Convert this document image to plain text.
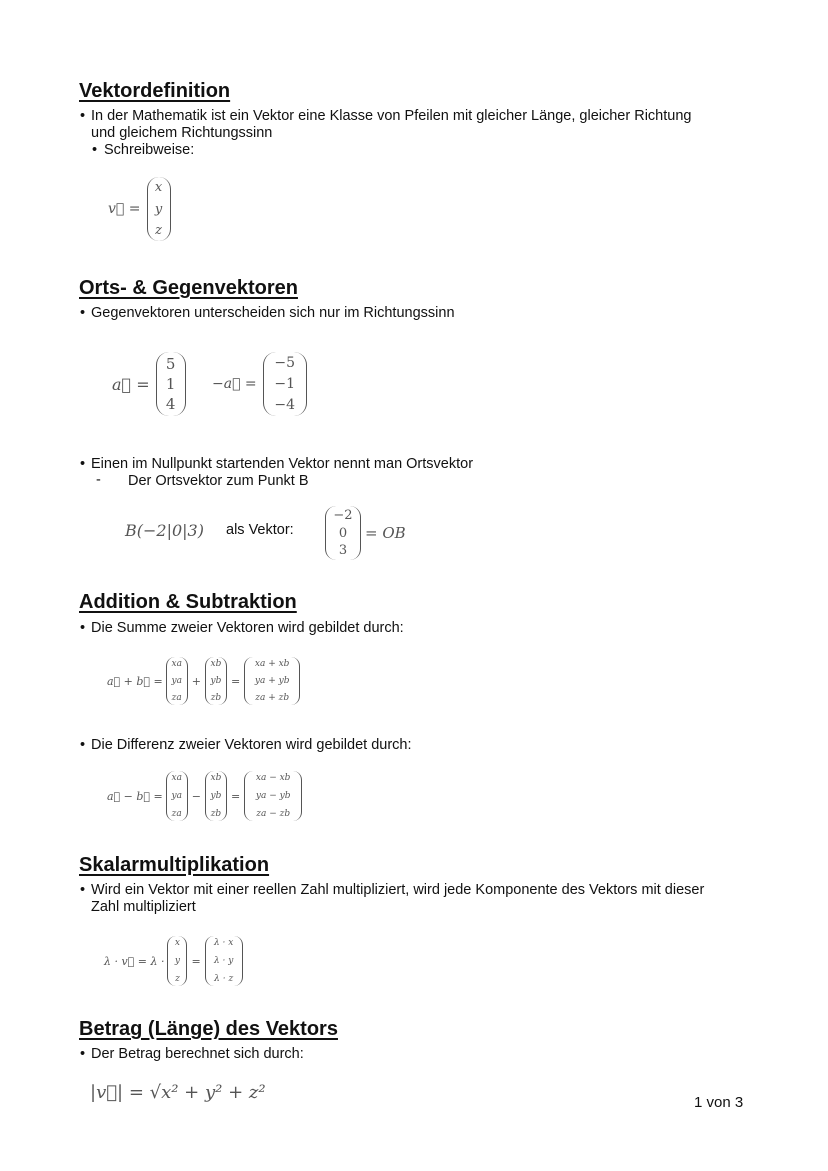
Vektordefinition
• In der Mathematik ist ein Vektor eine Klasse von Pfeilen mit gleicher Länge, gleicher Richtung
und gleichem Richtungssinn
• Schreibweise:
v⃗ =
x
y
z
Orts- & Gegenvektoren
• Gegenvektoren unterscheiden sich nur im Richtungssinn
a⃗ =
5
1
4
−a⃗ =
−5
−1
−4
• Einen im Nullpunkt startenden Vektor nennt man Ortsvektor
- Der Ortsvektor zum Punkt B
B(−2|0|3) als Vektor:
−2
0
3
= OB
Addition & Subtraktion
• Die Summe zweier Vektoren wird gebildet durch:
a⃗ + b⃗ =
xa
ya
za
+
xb
yb
zb
=
xa + xb
ya + yb
za + zb
• Die Differenz zweier Vektoren wird gebildet durch:
a⃗ − b⃗ =
xa
ya
za
−
xb
yb
zb
=
xa − xb
ya − yb
za − zb
Skalarmultiplikation
• Wird ein Vektor mit einer reellen Zahl multipliziert, wird jede Komponente des Vektors mit dieser
Zahl multipliziert
λ · v⃗ = λ ·
x
y
z
=
λ · x
λ · y
λ · z
Betrag (Länge) des Vektors
• Der Betrag berechnet sich durch:
|v⃗| = √x² + y² + z²	1 von 3
